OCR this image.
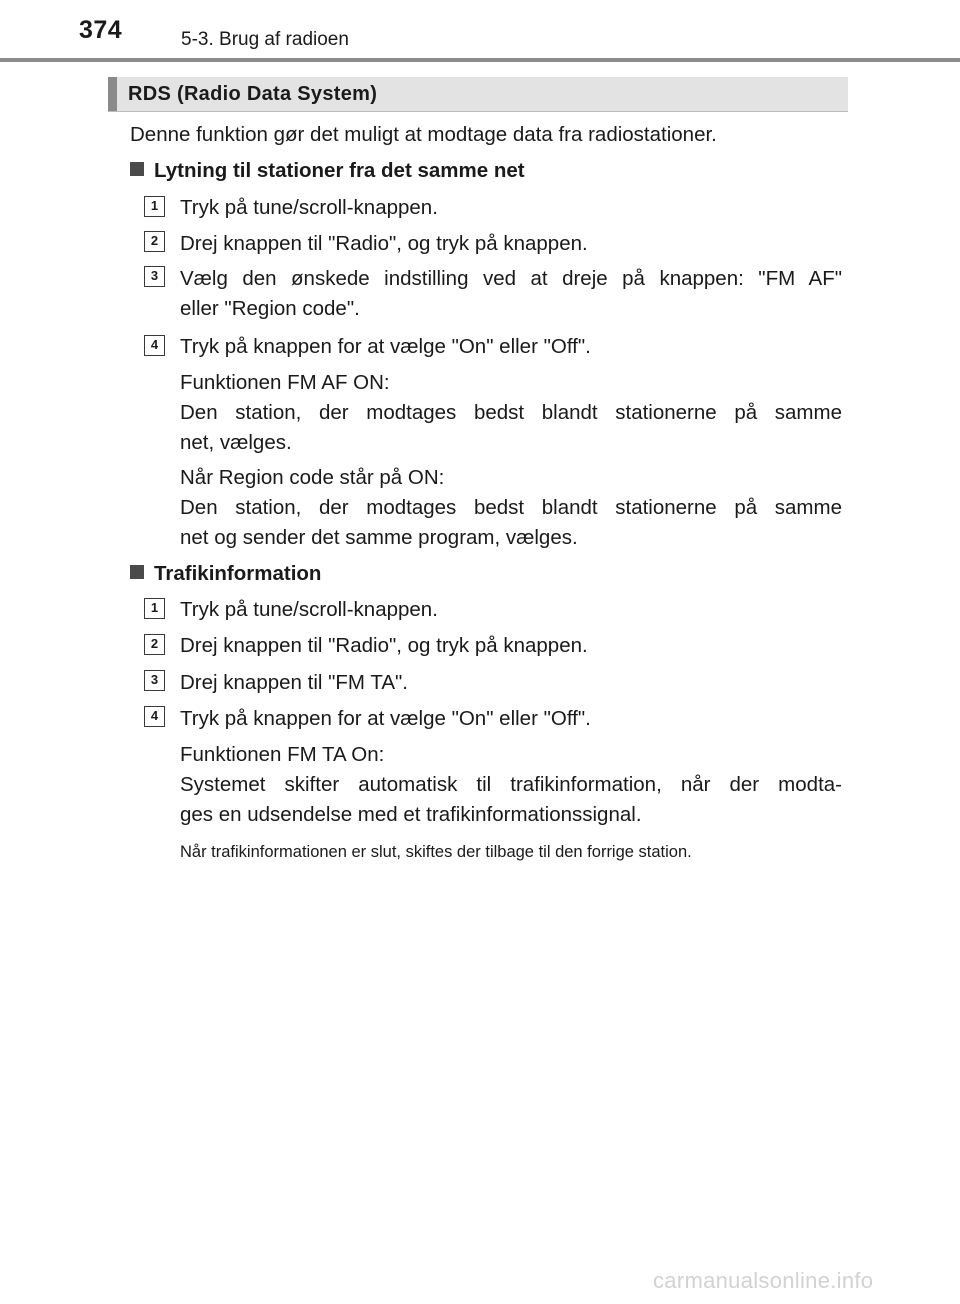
374	5-3. Brug af radioen
RDS (Radio Data System)
Denne funktion gør det muligt at modtage data fra radiostationer.
Lytning til stationer fra det samme net
1	Tryk på tune/scroll-knappen.
2	Drej knappen til "Radio", og tryk på knappen.
3	Vælg den ønskede indstilling ved at dreje på knappen: "FM AF"
eller "Region code".
4	Tryk på knappen for at vælge "On" eller "Off".
Funktionen FM AF ON:
Den station, der modtages bedst blandt stationerne på samme
net, vælges.
Når Region code står på ON:
Den station, der modtages bedst blandt stationerne på samme
net og sender det samme program, vælges.
Trafikinformation
1	Tryk på tune/scroll-knappen.
2	Drej knappen til "Radio", og tryk på knappen.
3	Drej knappen til "FM TA".
4	Tryk på knappen for at vælge "On" eller "Off".
Funktionen FM TA On:
Systemet skifter automatisk til trafikinformation, når der modta-
ges en udsendelse med et trafikinformationssignal.
Når trafikinformationen er slut, skiftes der tilbage til den forrige station.
carmanualsonline.info
